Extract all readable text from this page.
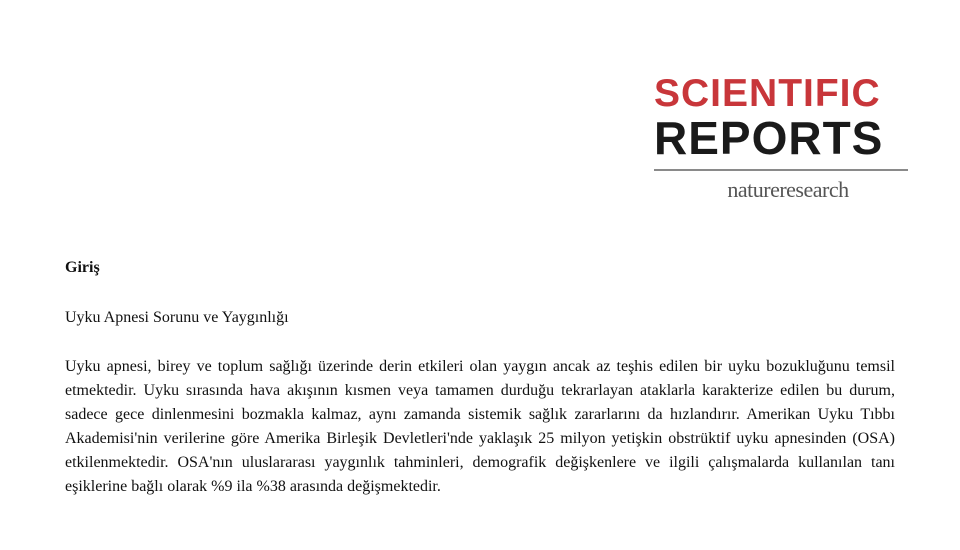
SCIENTIFIC
REPORTS
natureresearch
Giriş

Uyku Apnesi Sorunu ve Yaygınlığı

Uyku apnesi, birey ve toplum sağlığı üzerinde derin etkileri olan yaygın ancak az teşhis edilen bir uyku bozukluğunu temsil etmektedir. Uyku sırasında hava akışının kısmen veya tamamen durduğu tekrarlayan ataklarla karakterize edilen bu durum, sadece gece dinlenmesini bozmakla kalmaz, aynı zamanda sistemik sağlık zararlarını da hızlandırır. Amerikan Uyku Tıbbı Akademisi'nin verilerine göre Amerika Birleşik Devletleri'nde yaklaşık 25 milyon yetişkin obstrüktif uyku apnesinden (OSA) etkilenmektedir. OSA'nın uluslararası yaygınlık tahminleri, demografik değişkenlere ve ilgili çalışmalarda kullanılan tanı eşiklerine bağlı olarak %9 ila %38 arasında değişmektedir.
